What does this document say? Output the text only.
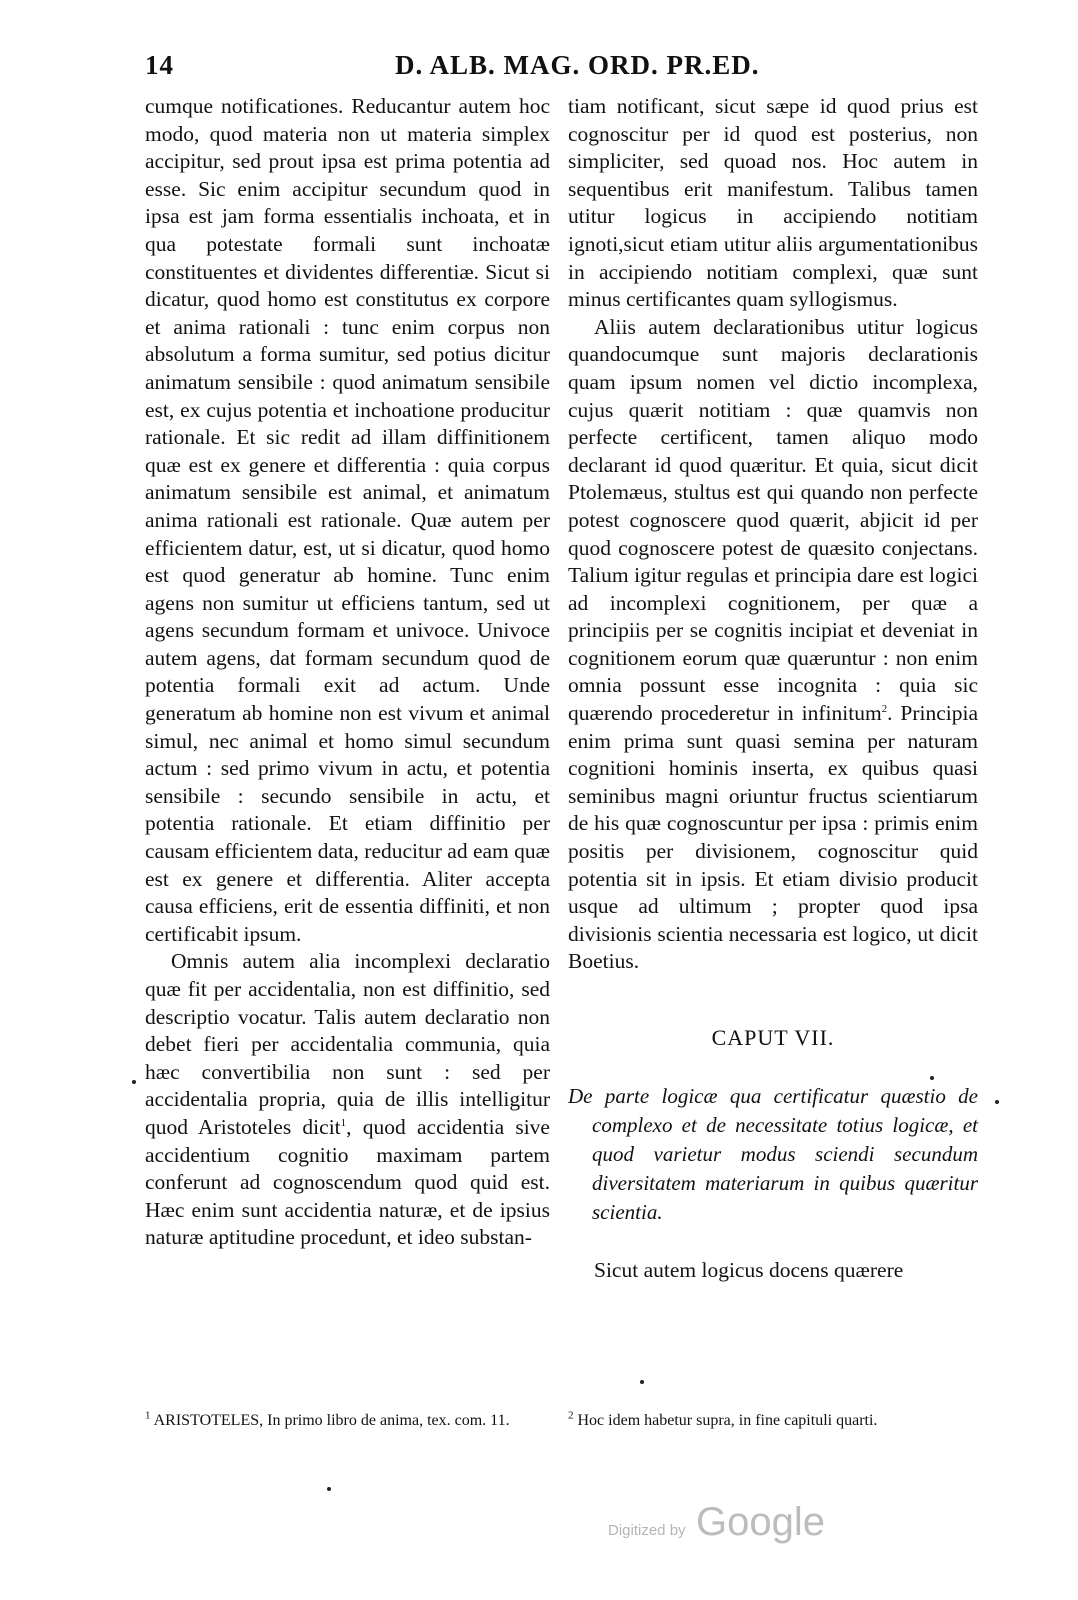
14	D. ALB. MAG. ORD. PR.ED.

cumque notificationes. Reducantur autem hoc modo, quod materia non ut materia simplex accipitur, sed prout ipsa est prima potentia ad esse. Sic enim accipitur secundum quod in ipsa est jam forma essentialis inchoata, et in qua potestate formali sunt inchoatæ constituentes et dividentes differentiæ. Sicut si dicatur, quod homo est constitutus ex corpore et anima rationali : tunc enim corpus non absolutum a forma sumitur, sed potius dicitur animatum sensibile : quod animatum sensibile est, ex cujus potentia et inchoatione producitur rationale. Et sic redit ad illam diffinitionem quæ est ex genere et differentia : quia corpus animatum sensibile est animal, et animatum anima rationali est rationale. Quæ autem per efficientem datur, est, ut si dicatur, quod homo est quod generatur ab homine. Tunc enim agens non sumitur ut efficiens tantum, sed ut agens secundum formam et univoce. Univoce autem agens, dat formam secundum quod de potentia formali exit ad actum. Unde generatum ab homine non est vivum et animal simul, nec animal et homo simul secundum actum : sed primo vivum in actu, et potentia sensibile : secundo sensibile in actu, et potentia rationale. Et etiam diffinitio per causam efficientem data, reducitur ad eam quæ est ex genere et differentia. Aliter accepta causa efficiens, erit de essentia diffiniti, et non certificabit ipsum.

Omnis autem alia incomplexi declaratio quæ fit per accidentalia, non est diffinitio, sed descriptio vocatur. Talis autem declaratio non debet fieri per accidentalia communia, quia hæc convertibilia non sunt : sed per accidentalia propria, quia de illis intelligitur quod Aristoteles dicit$^1$, quod accidentia sive accidentium cognitio maximam partem conferunt ad cognoscendum quod quid est. Hæc enim sunt accidentia naturæ, et de ipsius naturæ aptitudine procedunt, et ideo substan-

tiam notificant, sicut sæpe id quod prius est cognoscitur per id quod est posterius, non simpliciter, sed quoad nos. Hoc autem in sequentibus erit manifestum. Talibus tamen utitur logicus in accipiendo notitiam ignoti,sicut etiam utitur aliis argumentationibus in accipiendo notitiam complexi, quæ sunt minus certificantes quam syllogismus.

Aliis autem declarationibus utitur logicus quandocumque sunt majoris declarationis quam ipsum nomen vel dictio incomplexa, cujus quærit notitiam : quæ quamvis non perfecte certificent, tamen aliquo modo declarant id quod quæritur. Et quia, sicut dicit Ptolemæus, stultus est qui quando non perfecte potest cognoscere quod quærit, abjicit id per quod cognoscere potest de quæsito conjectans. Talium igitur regulas et principia dare est logici ad incomplexi cognitionem, per quæ a principiis per se cognitis incipiat et deveniat in cognitionem eorum quæ quæruntur : non enim omnia possunt esse incognita : quia sic quærendo procederetur in infinitum$^2$. Principia enim prima sunt quasi semina per naturam cognitioni hominis inserta, ex quibus quasi seminibus magni oriuntur fructus scientiarum de his quæ cognoscuntur per ipsa : primis enim positis per divisionem, cognoscitur quid potentia sit in ipsis. Et etiam divisio producit usque ad ultimum ; propter quod ipsa divisionis scientia necessaria est logico, ut dicit Boetius.

CAPUT VII.

De parte logicæ qua certificatur quæstio de complexo et de necessitate totius logicæ, et quod varietur modus sciendi secundum diversitatem materiarum in quibus quæritur scientia.

Sicut autem logicus docens quærere

$^1$ ARISTOTELES, In primo libro de anima, tex. com. 11.	$^2$ Hoc idem habetur supra, in fine capituli quarti.
Digitized by Google
